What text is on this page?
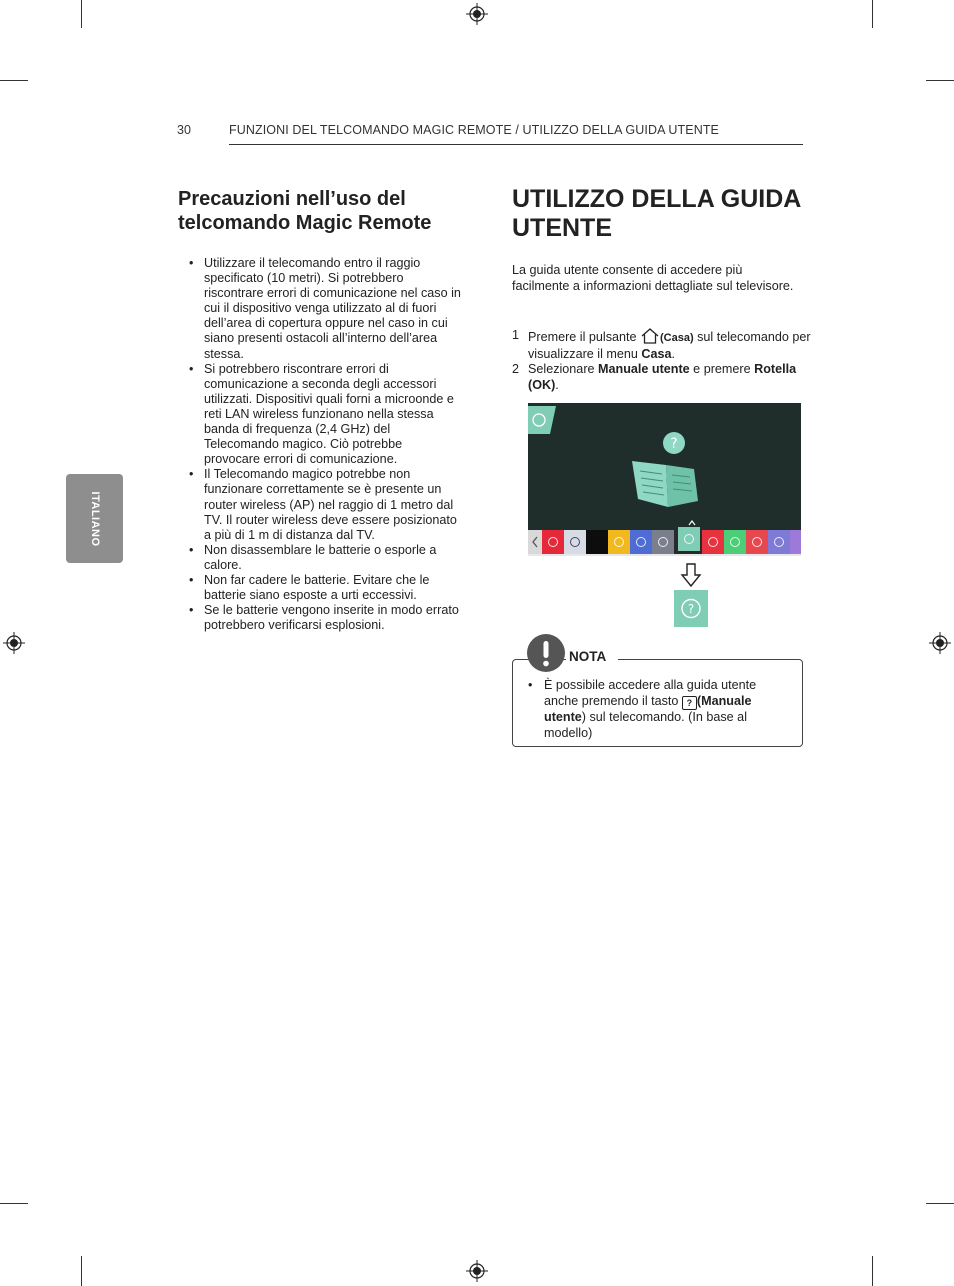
30	FUNZIONI DEL TELCOMANDO MAGIC REMOTE / UTILIZZO DELLA GUIDA UTENTE
ITALIANO
Precauzioni nell’uso del telcomando Magic Remote
• Utilizzare il telecomando entro il raggio specificato (10 metri). Si potrebbero riscontrare errori di comunicazione nel caso in cui il dispositivo venga utilizzato al di fuori dell’area di copertura oppure nel caso in cui siano presenti ostacoli all’interno dell’area stessa.
• Si potrebbero riscontrare errori di comunicazione a seconda degli accessori utilizzati. Dispositivi quali forni a microonde e reti LAN wireless funzionano nella stessa banda di frequenza (2,4 GHz) del Telecomando magico. Ciò potrebbe provocare errori di comunicazione.
• Il Telecomando magico potrebbe non funzionare correttamente se è presente un router wireless (AP) nel raggio di 1 metro dal TV. Il router wireless deve essere posizionato a più di 1 m di distanza dal TV.
• Non disassemblare le batterie o esporle a calore.
• Non far cadere le batterie. Evitare che le batterie siano esposte a urti eccessivi.
• Se le batterie vengono inserite in modo errato potrebbero verificarsi esplosioni.
UTILIZZO DELLA GUIDA UTENTE
La guida utente consente di accedere più facilmente a informazioni dettagliate sul televisore.
1 Premere il pulsante (Casa) sul telecomando per visualizzare il menu Casa.
2 Selezionare Manuale utente e premere Rotella (OK).
?
?
NOTA
• È possibile accedere alla guida utente anche premendo il tasto ? (Manuale utente) sul telecomando. (In base al modello)
